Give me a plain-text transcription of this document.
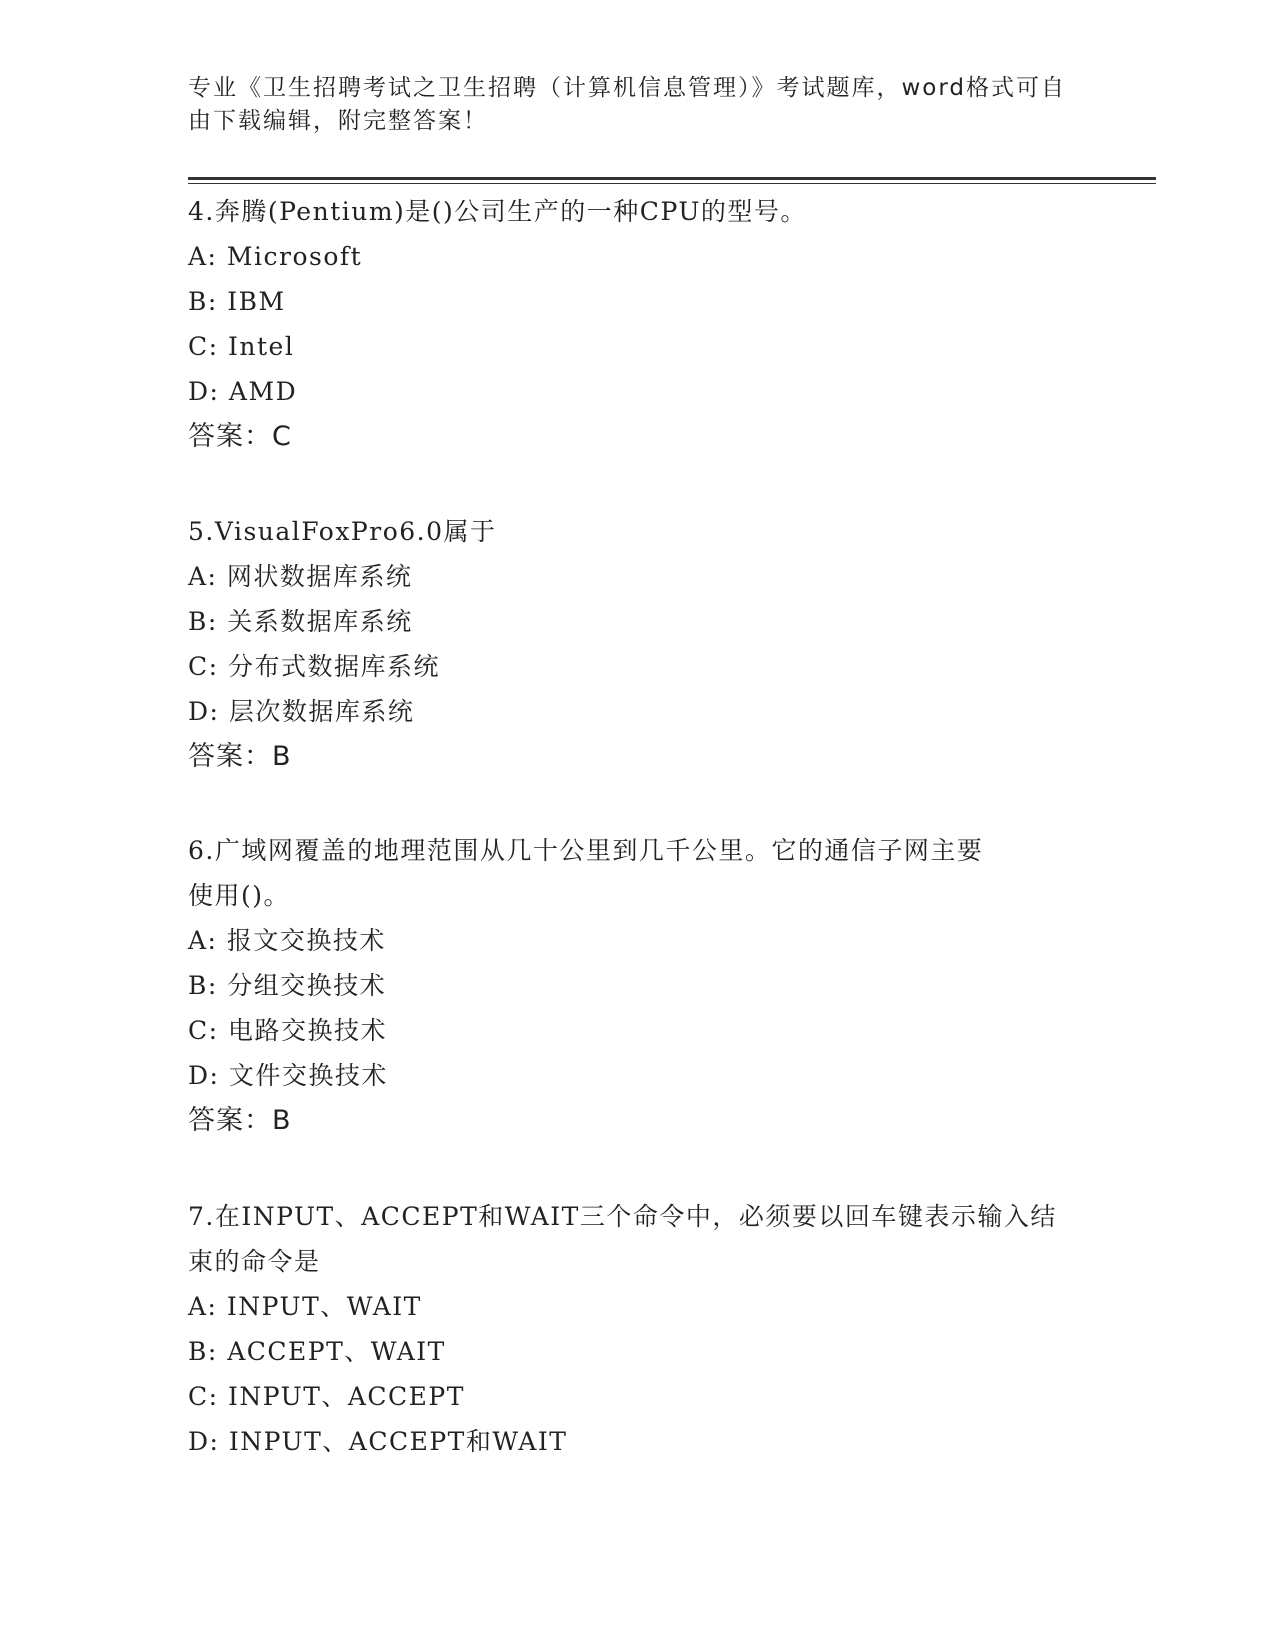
专业《卫生招聘考试之卫生招聘（计算机信息管理）》考试题库，word格式可自
由下载编辑，附完整答案！

4.奔腾(Pentium)是()公司生产的一种CPU的型号。

A: Microsoft

B: IBM

C: Intel

D: AMD

答案：C

5.VisualFoxPro6.0属于

A: 网状数据库系统

B: 关系数据库系统

C: 分布式数据库系统

D: 层次数据库系统

答案：B

6.广域网覆盖的地理范围从几十公里到几千公里。它的通信子网主要

使用()。

A: 报文交换技术

B: 分组交换技术

C: 电路交换技术

D: 文件交换技术

答案：B

7.在INPUT、ACCEPT和WAIT三个命令中，必须要以回车键表示输入结

束的命令是

A: INPUT、WAIT

B: ACCEPT、WAIT

C: INPUT、ACCEPT

D: INPUT、ACCEPT和WAIT
